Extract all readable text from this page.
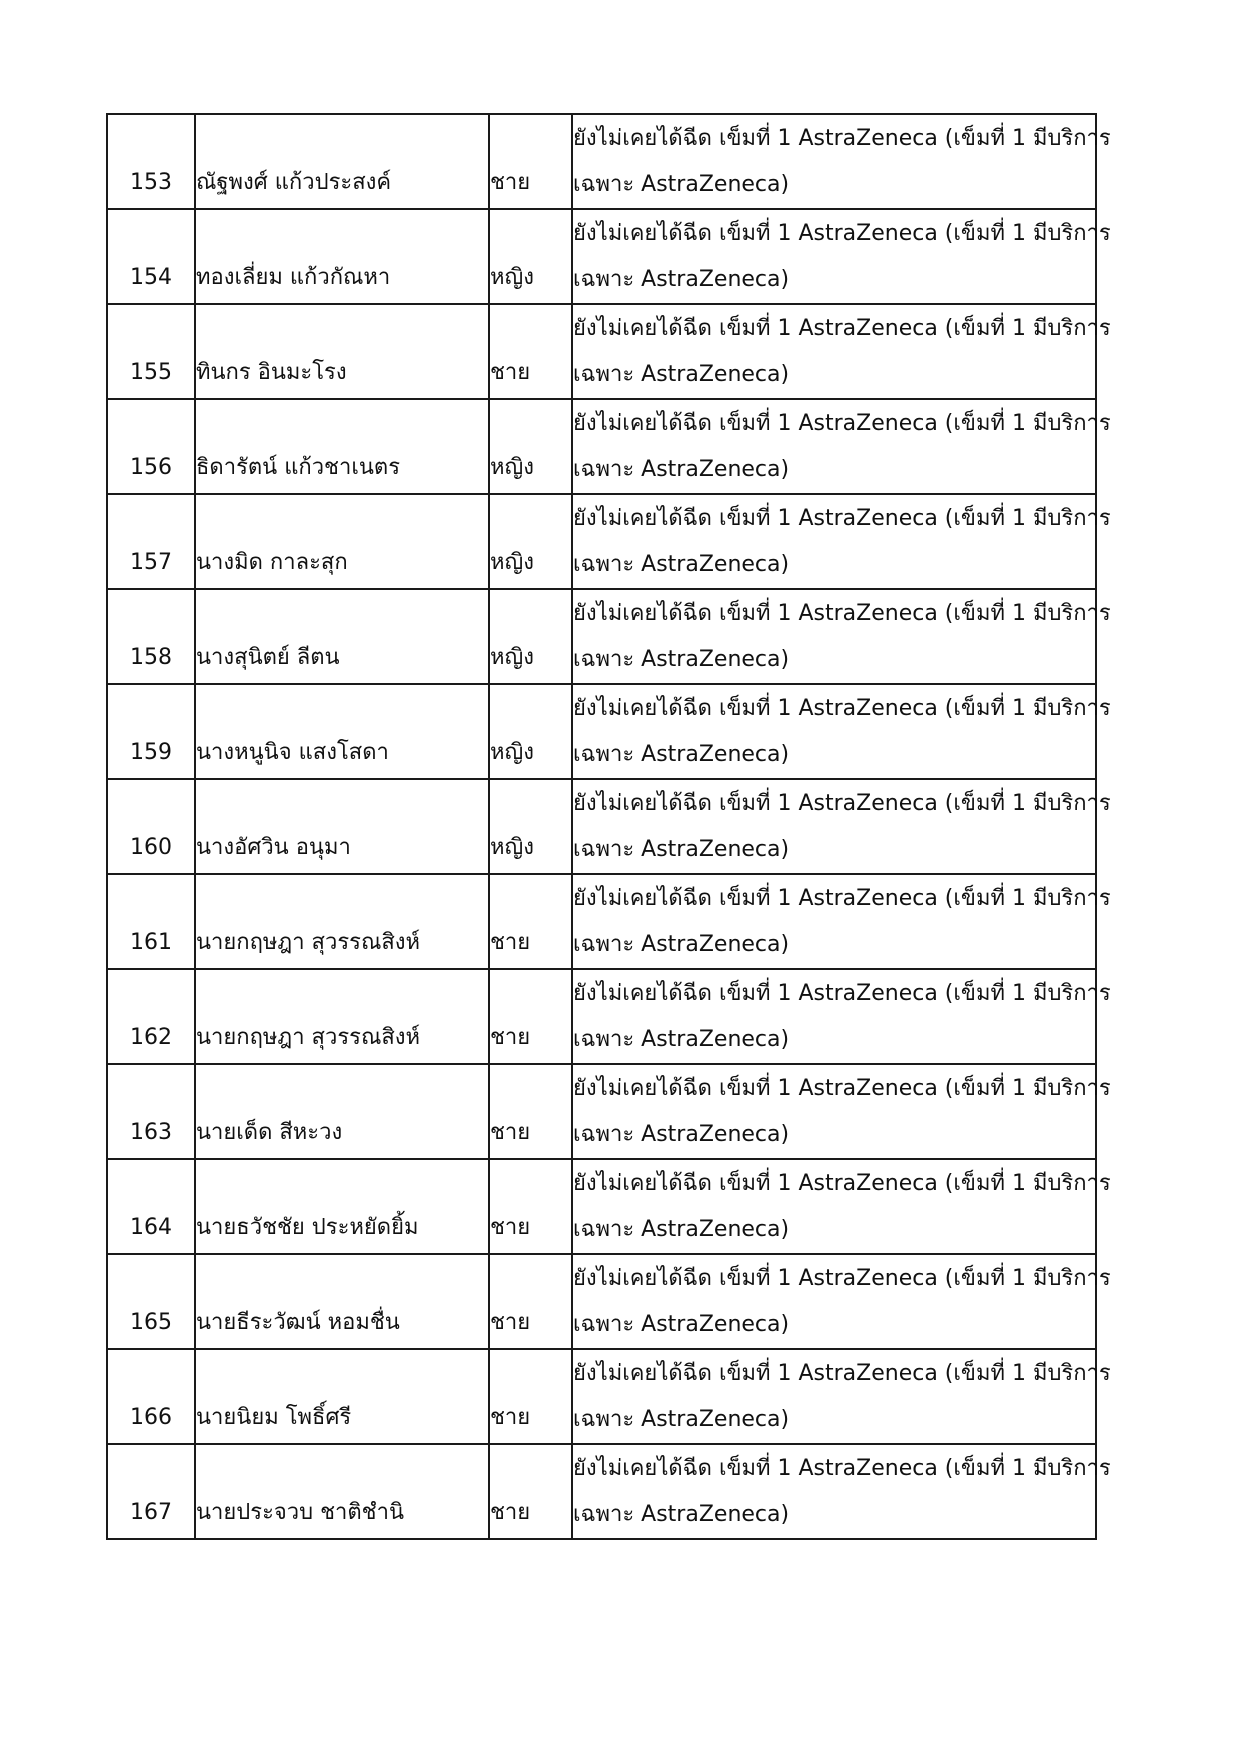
153	ณัฐพงศ์ แก้วประสงค์	ชาย	ยังไม่เคยได้ฉีด เข็มที่ 1 AstraZeneca (เข็มที่ 1 มีบริการ
เฉพาะ AstraZeneca)

154	ทองเลี่ยม แก้วกัณหา	หญิง	ยังไม่เคยได้ฉีด เข็มที่ 1 AstraZeneca (เข็มที่ 1 มีบริการ
เฉพาะ AstraZeneca)

155	ทินกร อินมะโรง	ชาย	ยังไม่เคยได้ฉีด เข็มที่ 1 AstraZeneca (เข็มที่ 1 มีบริการ
เฉพาะ AstraZeneca)

156	ธิดารัตน์ แก้วชาเนตร	หญิง	ยังไม่เคยได้ฉีด เข็มที่ 1 AstraZeneca (เข็มที่ 1 มีบริการ
เฉพาะ AstraZeneca)

157	นางมิด กาละสุก	หญิง	ยังไม่เคยได้ฉีด เข็มที่ 1 AstraZeneca (เข็มที่ 1 มีบริการ
เฉพาะ AstraZeneca)

158	นางสุนิตย์ ลีตน	หญิง	ยังไม่เคยได้ฉีด เข็มที่ 1 AstraZeneca (เข็มที่ 1 มีบริการ
เฉพาะ AstraZeneca)

159	นางหนูนิจ แสงโสดา	หญิง	ยังไม่เคยได้ฉีด เข็มที่ 1 AstraZeneca (เข็มที่ 1 มีบริการ
เฉพาะ AstraZeneca)

160	นางอัศวิน อนุมา	หญิง	ยังไม่เคยได้ฉีด เข็มที่ 1 AstraZeneca (เข็มที่ 1 มีบริการ
เฉพาะ AstraZeneca)

161	นายกฤษฎา สุวรรณสิงห์	ชาย	ยังไม่เคยได้ฉีด เข็มที่ 1 AstraZeneca (เข็มที่ 1 มีบริการ
เฉพาะ AstraZeneca)

162	นายกฤษฎา สุวรรณสิงห์	ชาย	ยังไม่เคยได้ฉีด เข็มที่ 1 AstraZeneca (เข็มที่ 1 มีบริการ
เฉพาะ AstraZeneca)

163	นายเด็ด สีหะวง	ชาย	ยังไม่เคยได้ฉีด เข็มที่ 1 AstraZeneca (เข็มที่ 1 มีบริการ
เฉพาะ AstraZeneca)

164	นายธวัชชัย ประหยัดยิ้ม	ชาย	ยังไม่เคยได้ฉีด เข็มที่ 1 AstraZeneca (เข็มที่ 1 มีบริการ
เฉพาะ AstraZeneca)

165	นายธีระวัฒน์ หอมชื่น	ชาย	ยังไม่เคยได้ฉีด เข็มที่ 1 AstraZeneca (เข็มที่ 1 มีบริการ
เฉพาะ AstraZeneca)

166	นายนิยม โพธิ์ศรี	ชาย	ยังไม่เคยได้ฉีด เข็มที่ 1 AstraZeneca (เข็มที่ 1 มีบริการ
เฉพาะ AstraZeneca)

167	นายประจวบ ชาติชำนิ	ชาย	ยังไม่เคยได้ฉีด เข็มที่ 1 AstraZeneca (เข็มที่ 1 มีบริการ
เฉพาะ AstraZeneca)
